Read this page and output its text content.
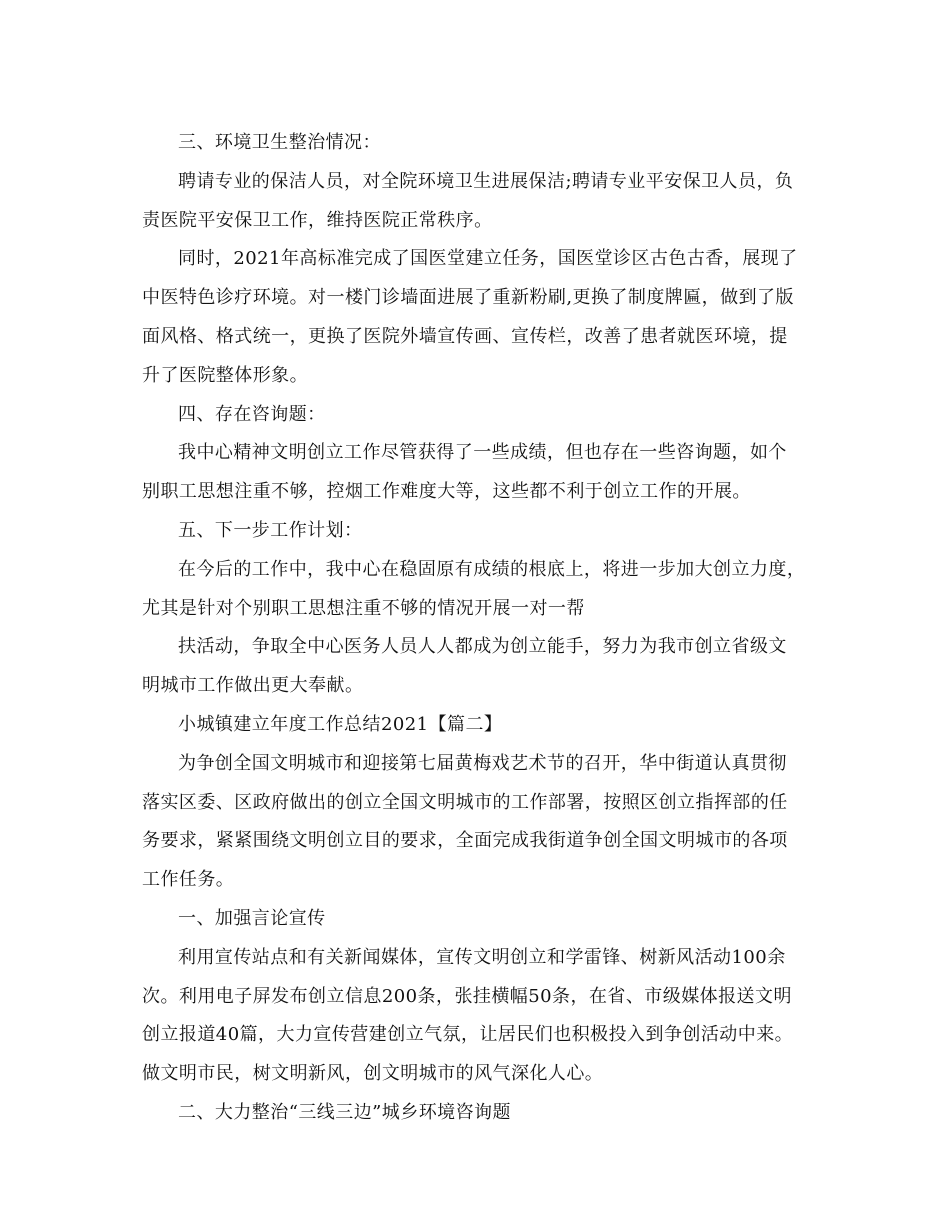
三、环境卫生整治情况：

聘请专业的保洁人员，对全院环境卫生进展保洁;聘请专业平安保卫人员，负
责医院平安保卫工作，维持医院正常秩序。

同时，2021年高标准完成了国医堂建立任务，国医堂诊区古色古香，展现了
中医特色诊疗环境。对一楼门诊墙面进展了重新粉刷,更换了制度牌匾，做到了版
面风格、格式统一，更换了医院外墙宣传画、宣传栏，改善了患者就医环境，提
升了医院整体形象。

四、存在咨询题：

我中心精神文明创立工作尽管获得了一些成绩，但也存在一些咨询题，如个
别职工思想注重不够，控烟工作难度大等，这些都不利于创立工作的开展。

五、下一步工作计划：

在今后的工作中，我中心在稳固原有成绩的根底上，将进一步加大创立力度，
尤其是针对个别职工思想注重不够的情况开展一对一帮

扶活动，争取全中心医务人员人人都成为创立能手，努力为我市创立省级文
明城市工作做出更大奉献。

小城镇建立年度工作总结2021【篇二】

为争创全国文明城市和迎接第七届黄梅戏艺术节的召开，华中街道认真贯彻
落实区委、区政府做出的创立全国文明城市的工作部署，按照区创立指挥部的任
务要求，紧紧围绕文明创立目的要求，全面完成我街道争创全国文明城市的各项
工作任务。

一、加强言论宣传

利用宣传站点和有关新闻媒体，宣传文明创立和学雷锋、树新风活动100余
次。利用电子屏发布创立信息200条，张挂横幅50条，在省、市级媒体报送文明
创立报道40篇，大力宣传营建创立气氛，让居民们也积极投入到争创活动中来。
做文明市民，树文明新风，创文明城市的风气深化人心。

二、大力整治“三线三边”城乡环境咨询题
